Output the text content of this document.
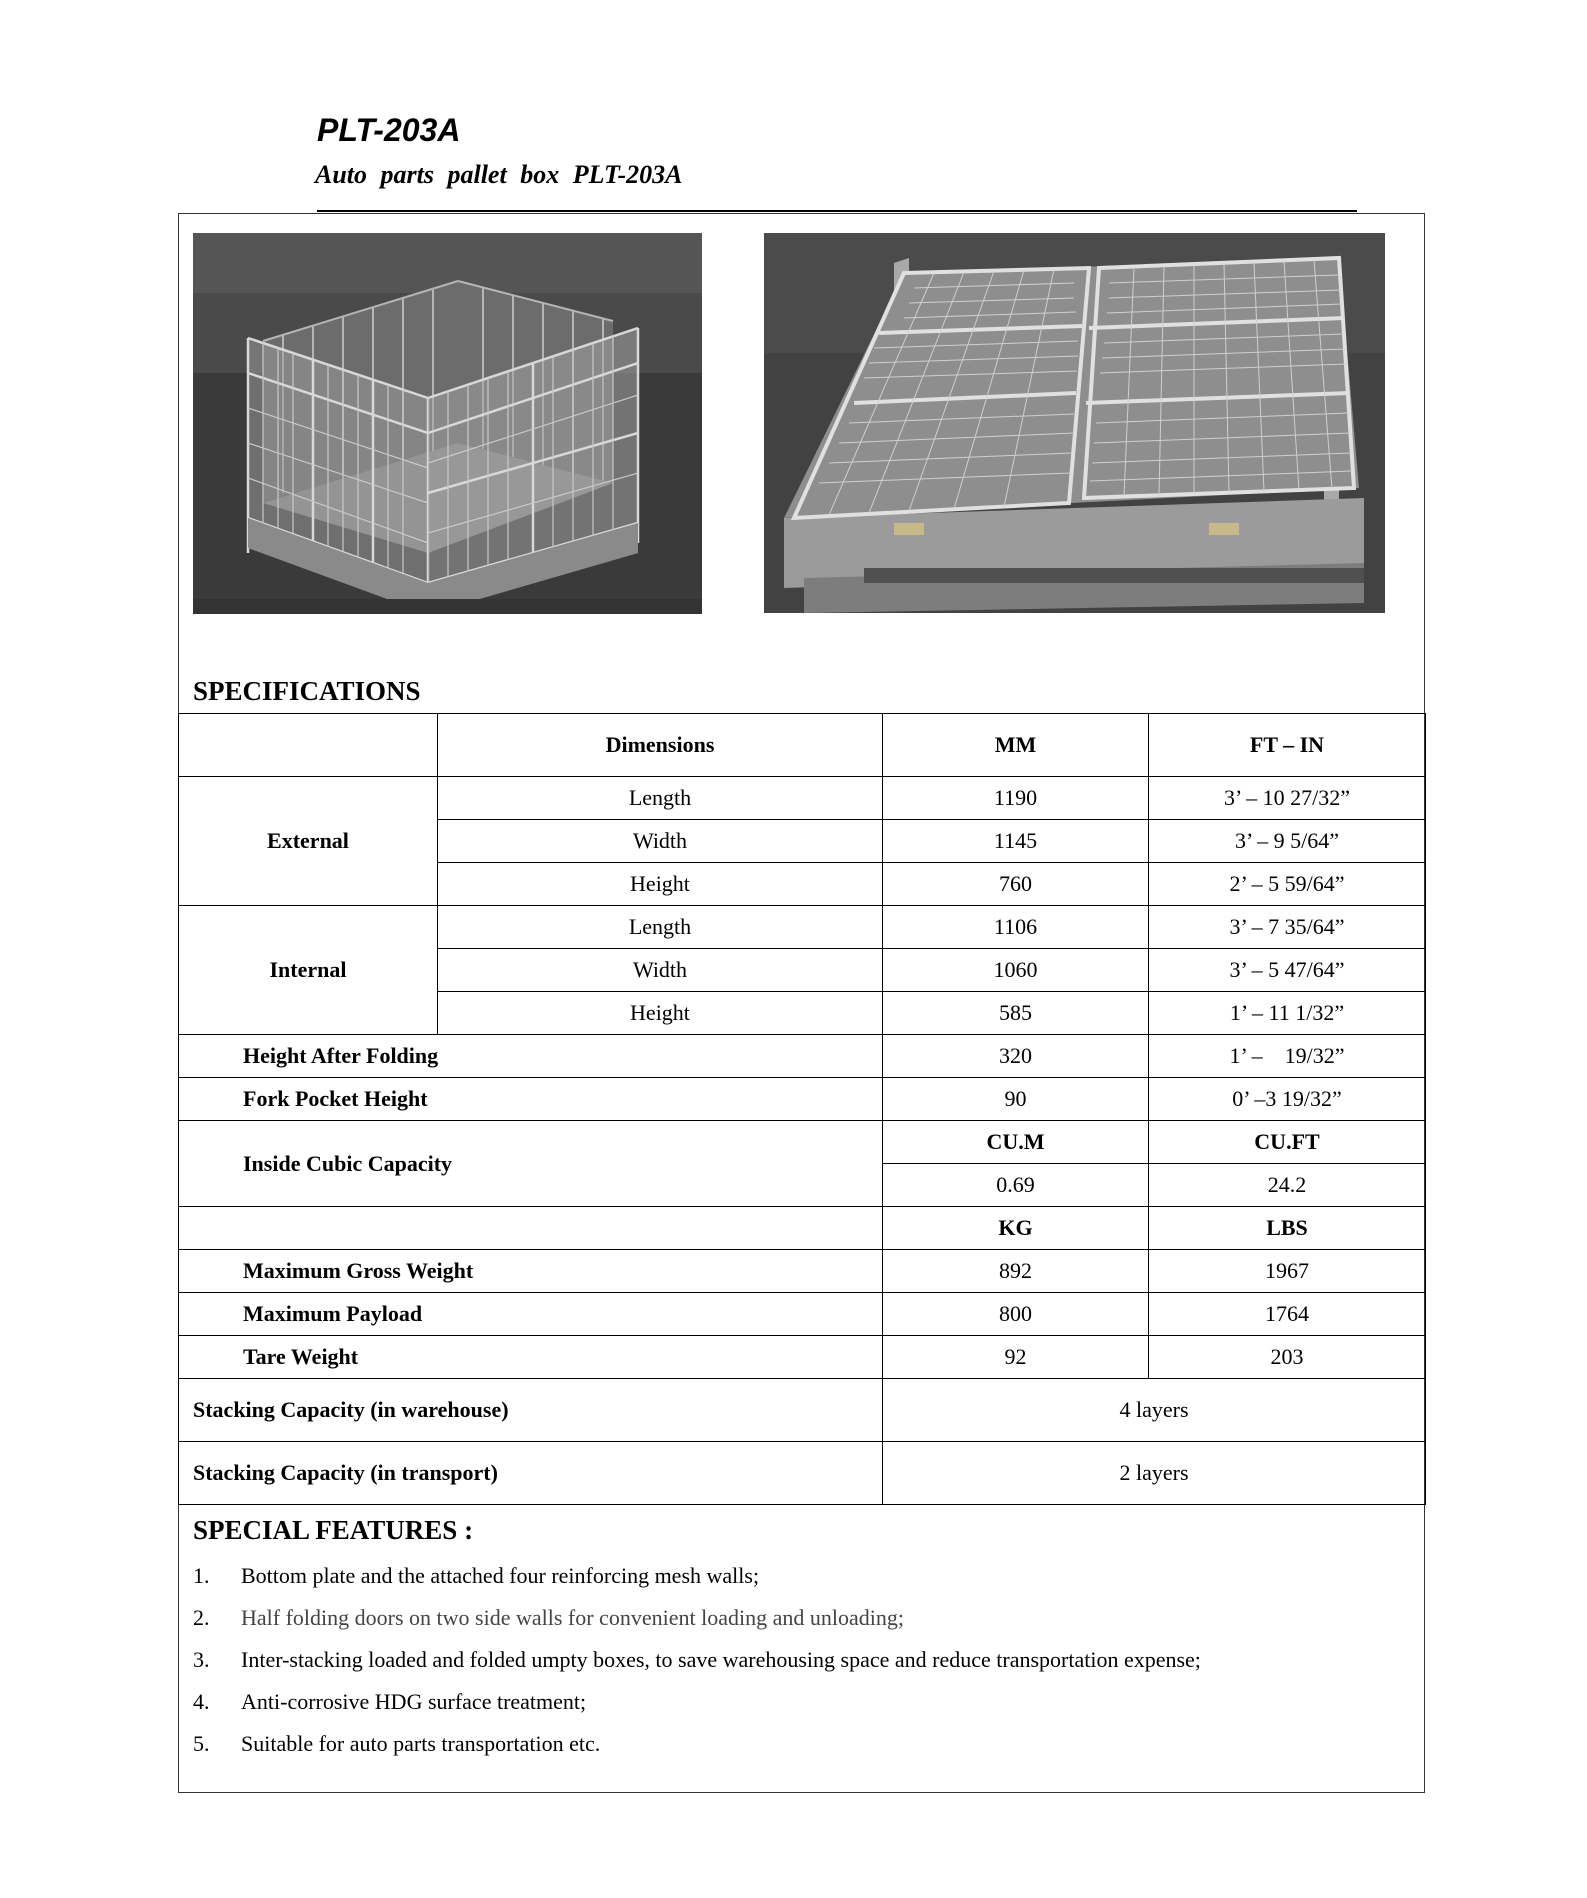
PLT-203A
Auto parts pallet box PLT-203A
SPECIFICATIONS
	Dimensions	MM	FT – IN
External	Length	1190	3’ – 10 27/32”
	Width	1145	3’ – 9 5/64”
	Height	760	2’ – 5 59/64”
Internal	Length	1106	3’ – 7 35/64”
	Width	1060	3’ – 5 47/64”
	Height	585	1’ – 11 1/32”
Height After Folding		320	1’ –    19/32”
Fork Pocket Height		90	0’ –3 19/32”
Inside Cubic Capacity		CU.M	CU.FT
		0.69	24.2
		KG	LBS
Maximum Gross Weight		892	1967
Maximum Payload		800	1764
Tare Weight		92	203
Stacking Capacity (in warehouse)		4 layers	
Stacking Capacity (in transport)		2 layers	
SPECIAL FEATURES :
1. Bottom plate and the attached four reinforcing mesh walls;
2. Half folding doors on two side walls for convenient loading and unloading;
3. Inter-stacking loaded and folded umpty boxes, to save warehousing space and reduce transportation expense;
4. Anti-corrosive HDG surface treatment;
5. Suitable for auto parts transportation etc.
